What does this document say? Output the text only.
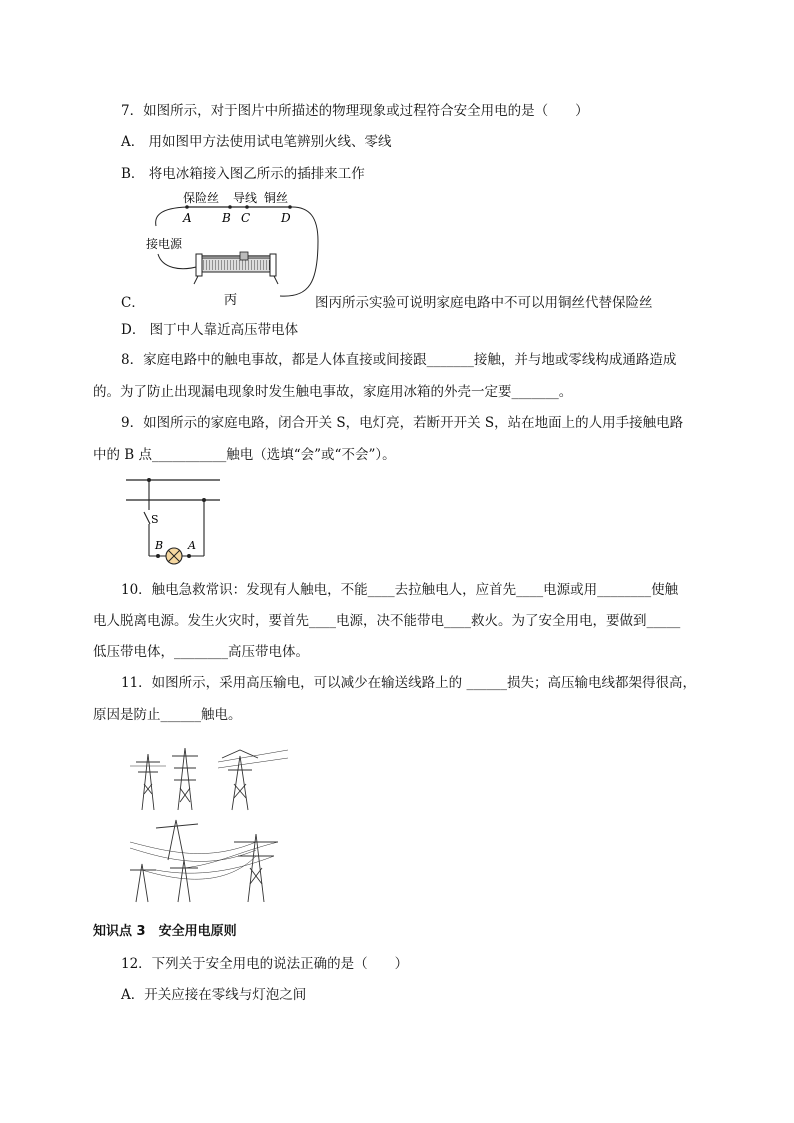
7．如图所示，对于图片中所描述的物理现象或过程符合安全用电的是（　　）
A． 用如图甲方法使用试电笔辨别火线、零线
B． 将电冰箱接入图乙所示的插排来工作
保险丝 导线 铜丝
A	B C	D
接电源
丙
C．	图丙所示实验可说明家庭电路中不可以用铜丝代替保险丝
D． 图丁中人靠近高压带电体
8．家庭电路中的触电事故，都是人体直接或间接跟_______接触，并与地或零线构成通路造成
的。为了防止出现漏电现象时发生触电事故，家庭用冰箱的外壳一定要_______。
9．如图所示的家庭电路，闭合开关 S，电灯亮，若断开开关 S，站在地面上的人用手接触电路
中的 B 点___________触电（选填“会”或“不会”）。
S
B A
10．触电急救常识：发现有人触电，不能____去拉触电人，应首先____电源或用________使触
电人脱离电源。发生火灾时，要首先____电源，决不能带电____救火。为了安全用电，要做到_____
低压带电体，________高压带电体。
11．如图所示，采用高压输电，可以减少在输送线路上的 ______损失；高压输电线都架得很高，
原因是防止______触电。
知识点 3　安全用电原则
12．下列关于安全用电的说法正确的是（　　）
A．开关应接在零线与灯泡之间
